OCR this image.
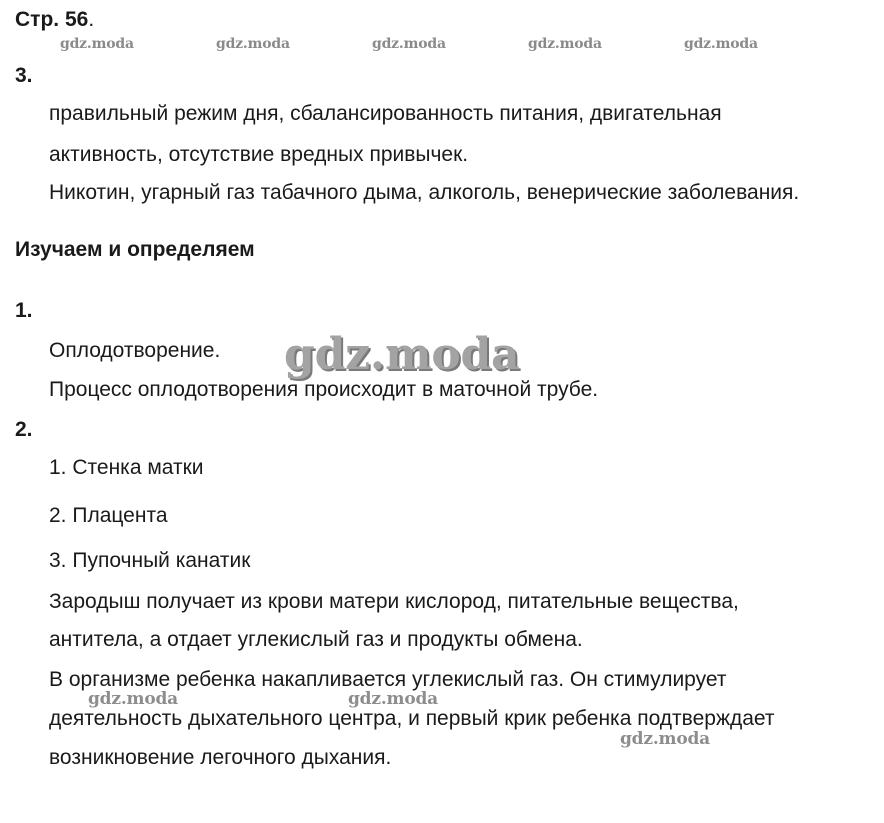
Стр. 56.
gdz.moda	gdz.moda	gdz.moda	gdz.moda	gdz.moda
3.
правильный режим дня, сбалансированность питания, двигательная
активность, отсутствие вредных привычек.
Никотин, угарный газ табачного дыма, алкоголь, венерические заболевания.
Изучаем и определяем
1.
Оплодотворение. gdz.moda
Процесс оплодотворения происходит в маточной трубе.
2.
1. Стенка матки
2. Плацента
3. Пупочный канатик
Зародыш получает из крови матери кислород, питательные вещества,
антитела, а отдает углекислый газ и продукты обмена.
В организме ребенка накапливается углекислый газ. Он стимулирует
gdz.moda	gdz.moda
деятельность дыхательного центра, и первый крик ребенка подтверждает
gdz.moda
возникновение легочного дыхания.
